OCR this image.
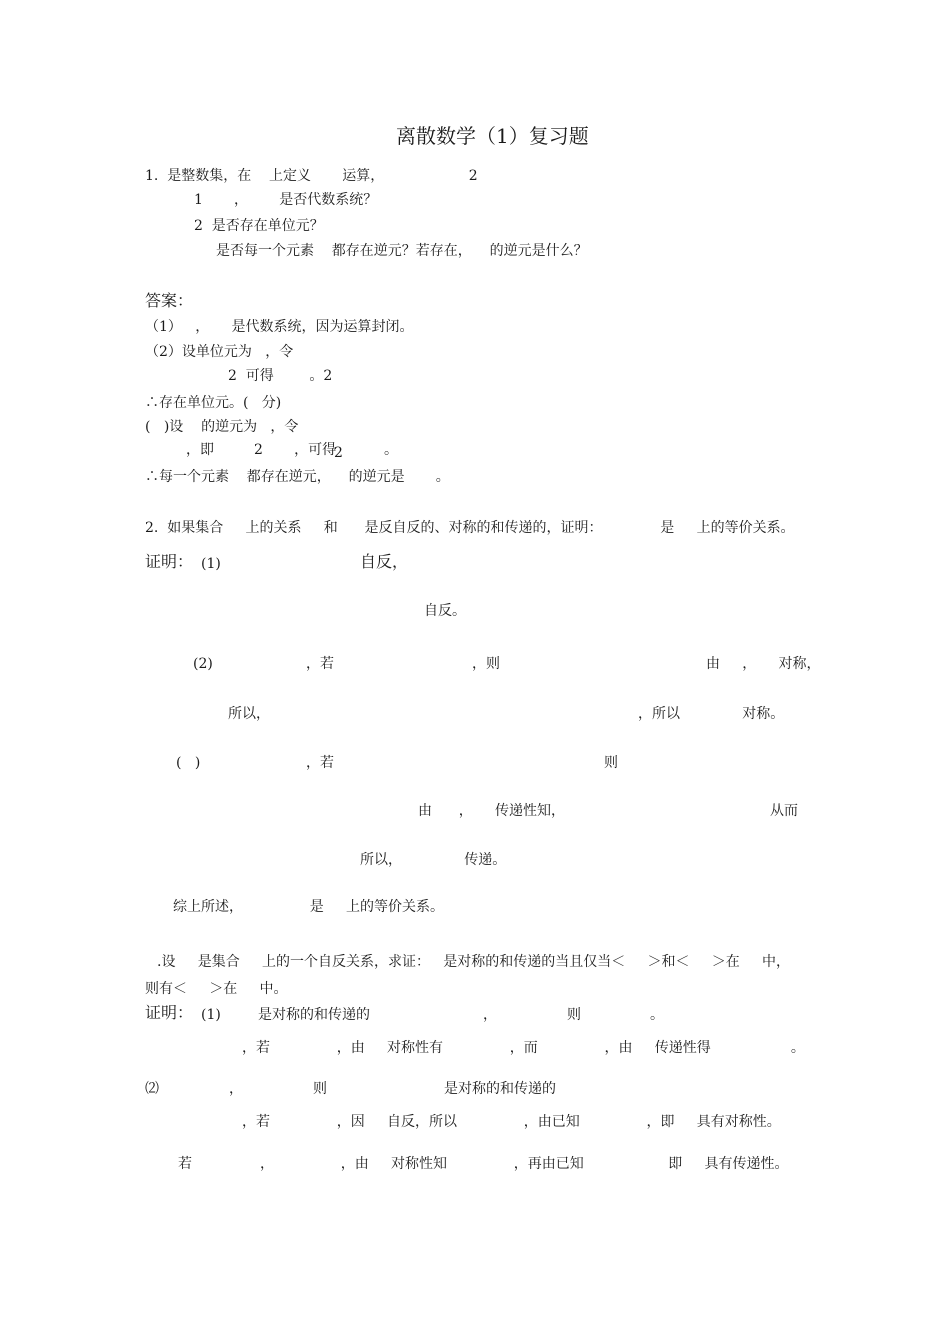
离散数学（1）复习题
1.  是整数集，在    上定义       运算，                   2
1       ，       是否代数系统？
2  是否存在单位元？
是否每一个元素    都存在逆元？若存在，    的逆元是什么？
答案：
（1）   ，     是代数系统，因为运算封闭。
（2）设单位元为   ，令
2  可得        。2
∴存在单位元。(   分)
(   )设    的逆元为   ，令
，即         2       ，可得
2	。
∴每一个元素    都存在逆元，    的逆元是       。
2.  如果集合     上的关系     和      是反自反的、对称的和传递的，证明：             是     上的等价关系。
证明： (1)	自反，
自反。
(2)	，若	，则	由     ，     对称，
所以，	，所以              对称。
(   )	，若	则
由      ，     传递性知，	从而
所以，              传递。
综上所述，               是     上的等价关系。
.设     是集合     上的一个自反关系，求证：   是对称的和传递的当且仅当＜     ＞和＜     ＞在     中，
则有＜     ＞在     中。
证明： (1)	是对称的和传递的	，	则	。
，若               ，由     对称性有               ，而               ，由     传递性得                  。
⑵	，	则	是对称的和传递的
，若               ，因     自反，所以               ，由已知               ，即     具有对称性。
若	，               ，由     对称性知               ，再由已知                   即     具有传递性。
